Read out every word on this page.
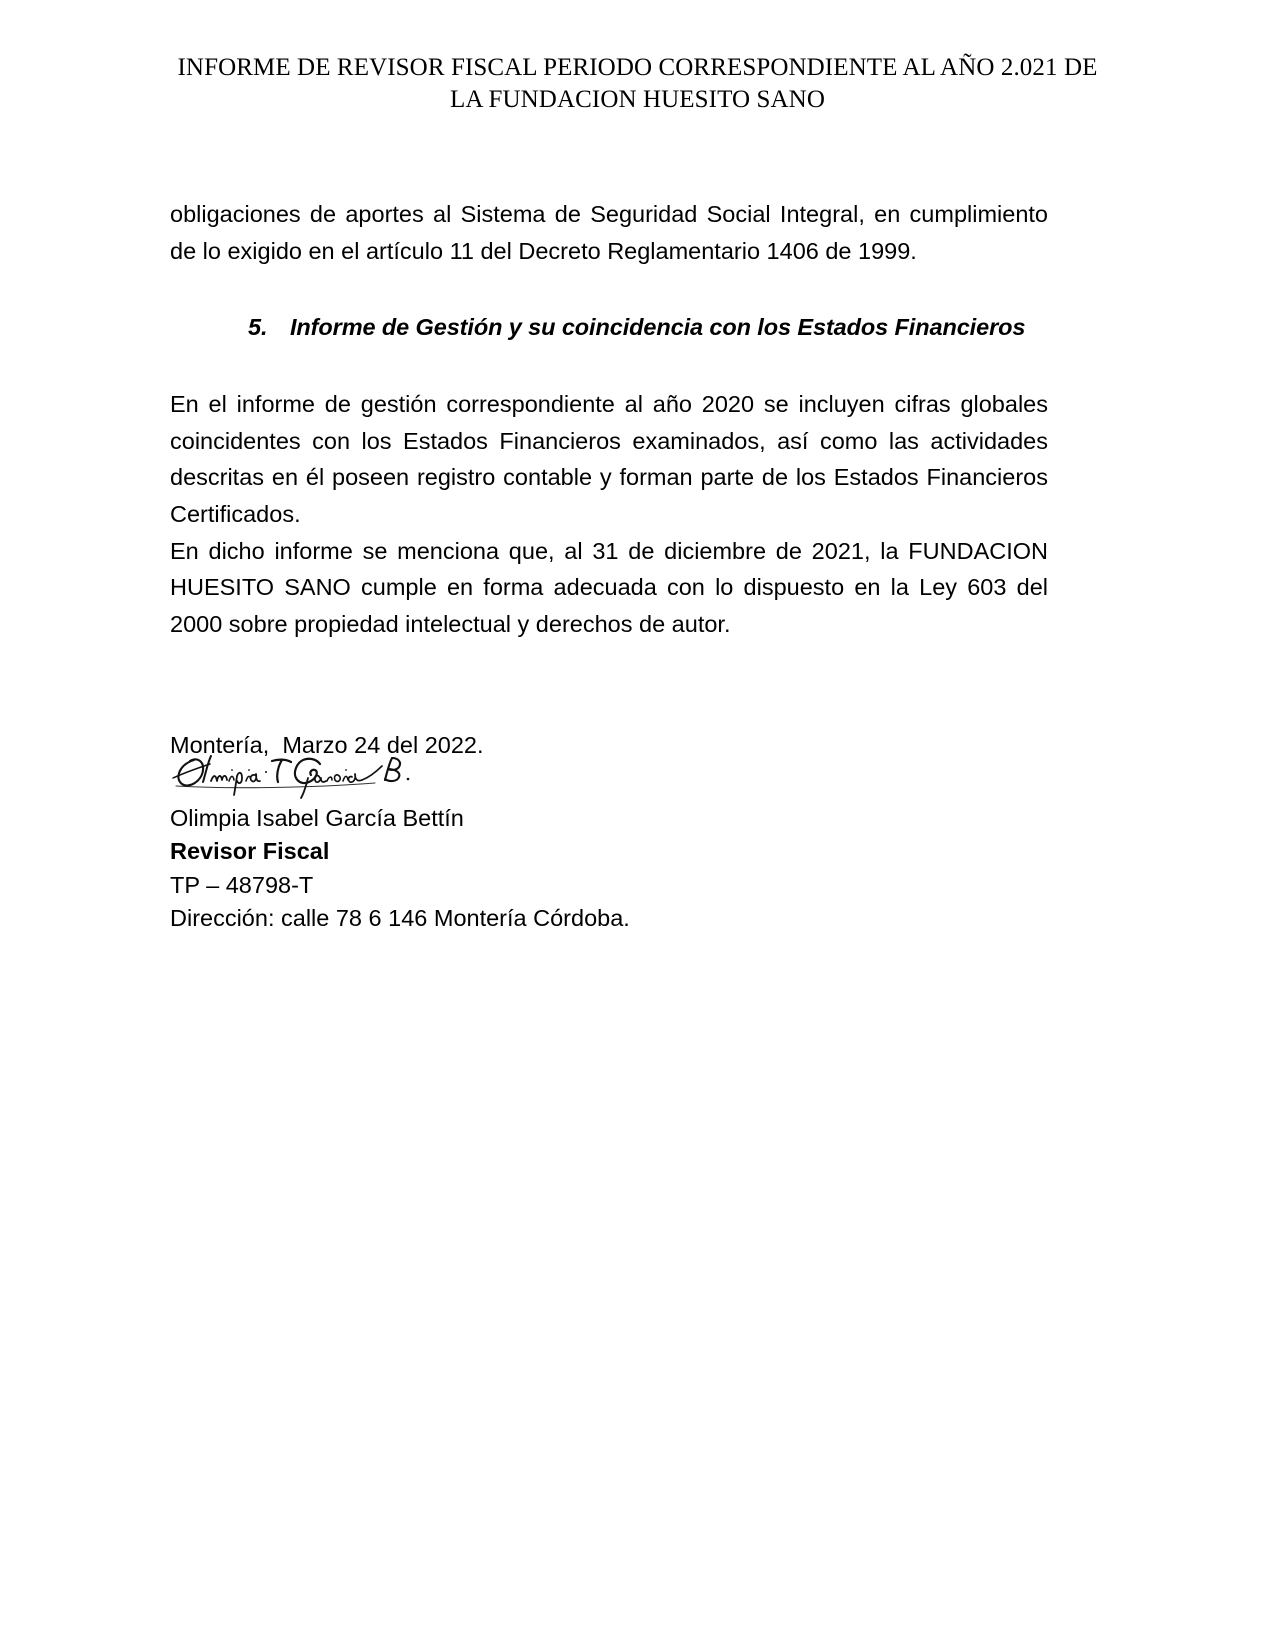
INFORME DE REVISOR FISCAL PERIODO CORRESPONDIENTE AL AÑO 2.021 DE
LA FUNDACION HUESITO SANO

obligaciones de aportes al Sistema de Seguridad Social Integral, en cumplimiento de lo exigido en el artículo 11 del Decreto Reglamentario 1406 de 1999.

5. Informe de Gestión y su coincidencia con los Estados Financieros

En el informe de gestión correspondiente al año 2020 se incluyen cifras globales coincidentes con los Estados Financieros examinados, así como las actividades descritas en él poseen registro contable y forman parte de los Estados Financieros Certificados.

En dicho informe se menciona que, al 31 de diciembre de 2021, la FUNDACION HUESITO SANO cumple en forma adecuada con lo dispuesto en la Ley 603 del 2000 sobre propiedad intelectual y derechos de autor.

Montería,  Marzo 24 del 2022.

Olimpia Isabel García Bettín
Revisor Fiscal
TP – 48798-T
Dirección: calle 78 6 146 Montería Córdoba.
